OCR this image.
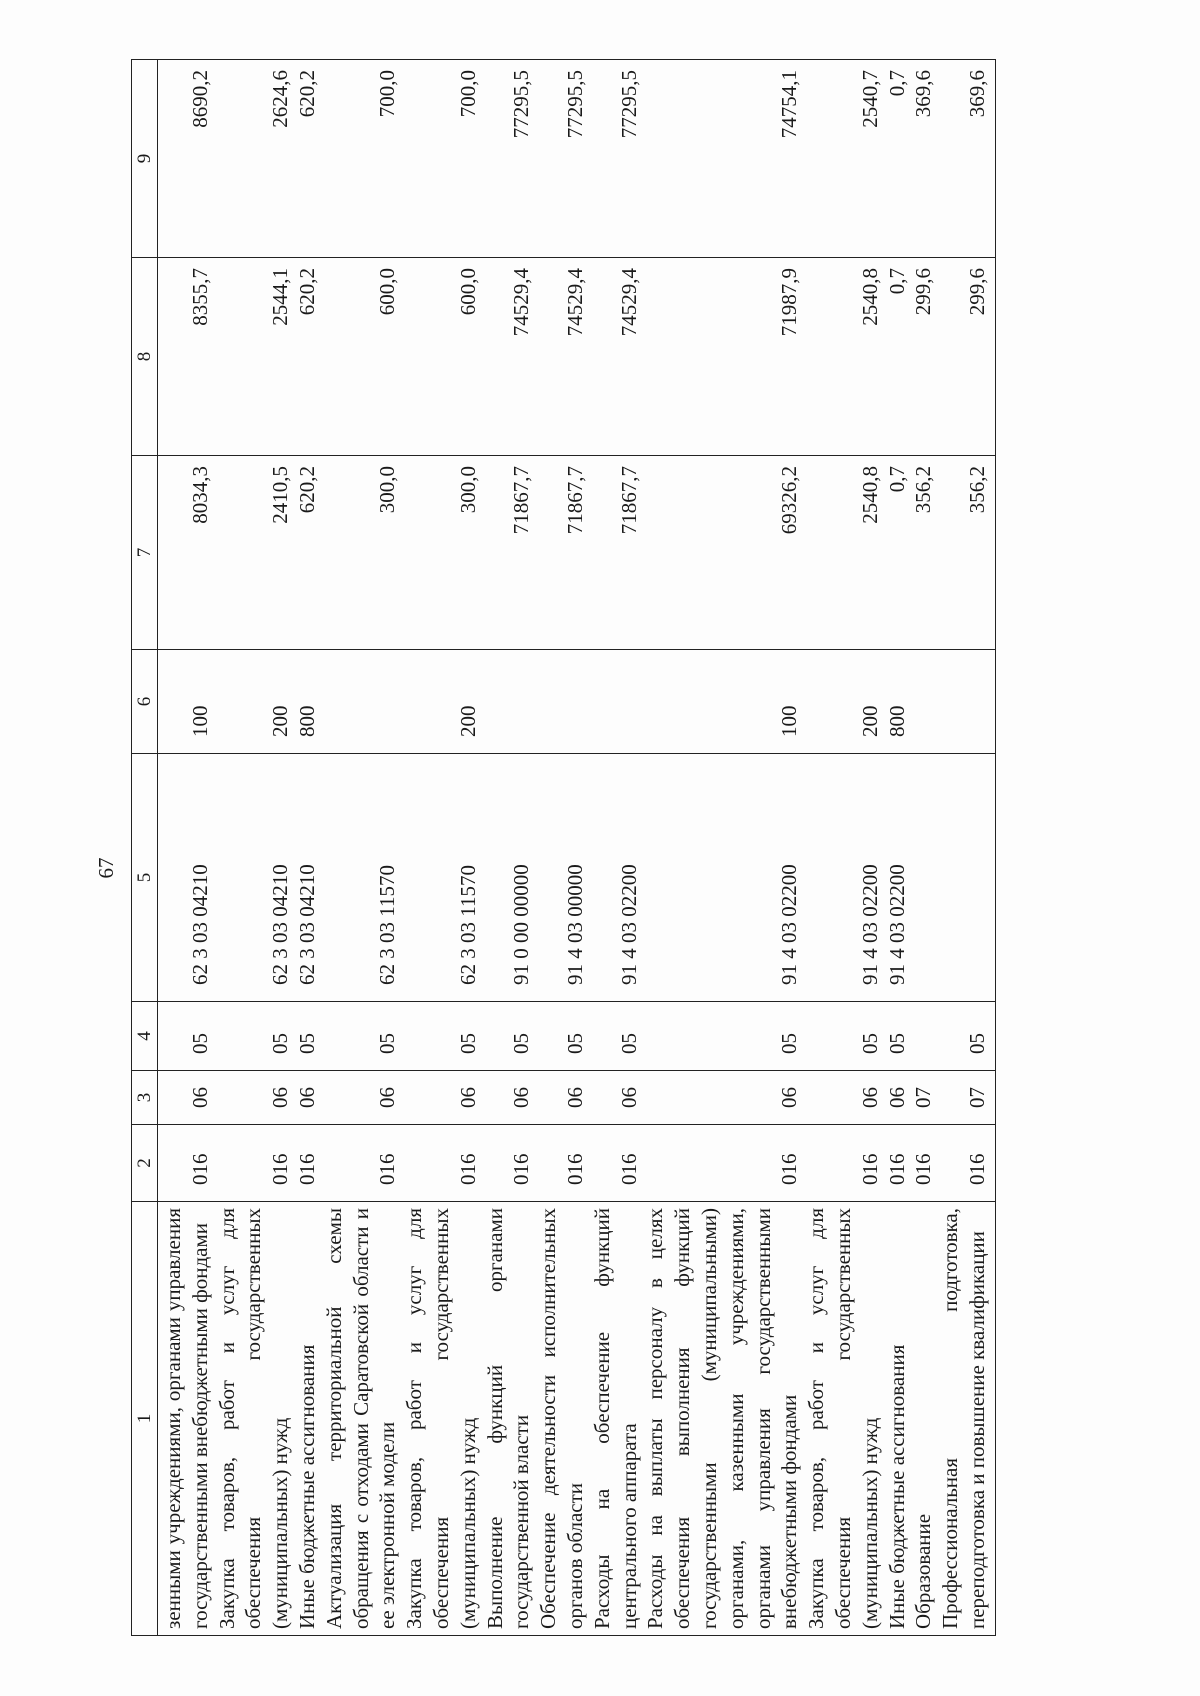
67
1	2	3	4	5	6	7	8	9
зенными учреждениями, органами управления государственными внебюджетными фондами	016	06	05	62 3 03 04210	100	8034,3	8355,7	8690,2
Закупка товаров, работ и услуг для обеспечения государственных (муниципальных) нужд	016	06	05	62 3 03 04210	200	2410,5	2544,1	2624,6
Иные бюджетные ассигнования	016	06	05	62 3 03 04210	800	620,2	620,2	620,2
Актуализация территориальной схемы обращения с отходами Саратовской области и ее электронной модели	016	06	05	62 3 03 11570		300,0	600,0	700,0
Закупка товаров, работ и услуг для обеспечения государственных (муниципальных) нужд	016	06	05	62 3 03 11570	200	300,0	600,0	700,0
Выполнение функций органами государственной власти	016	06	05	91 0 00 00000		71867,7	74529,4	77295,5
Обеспечение деятельности исполнительных органов области	016	06	05	91 4 03 00000		71867,7	74529,4	77295,5
Расходы на обеспечение функций центрального аппарата	016	06	05	91 4 03 02200		71867,7	74529,4	77295,5
Расходы на выплаты персоналу в целях обеспечения выполнения функций государственными (муниципальными) органами, казенными учреждениями, органами управления государственными внебюджетными фондами	016	06	05	91 4 03 02200	100	69326,2	71987,9	74754,1
Закупка товаров, работ и услуг для обеспечения государственных (муниципальных) нужд	016	06	05	91 4 03 02200	200	2540,8	2540,8	2540,7
Иные бюджетные ассигнования	016	06	05	91 4 03 02200	800	0,7	0,7	0,7
Образование	016	07				356,2	299,6	369,6
Профессиональная подготовка, переподготовка и повышение квалификации	016	07	05			356,2	299,6	369,6
